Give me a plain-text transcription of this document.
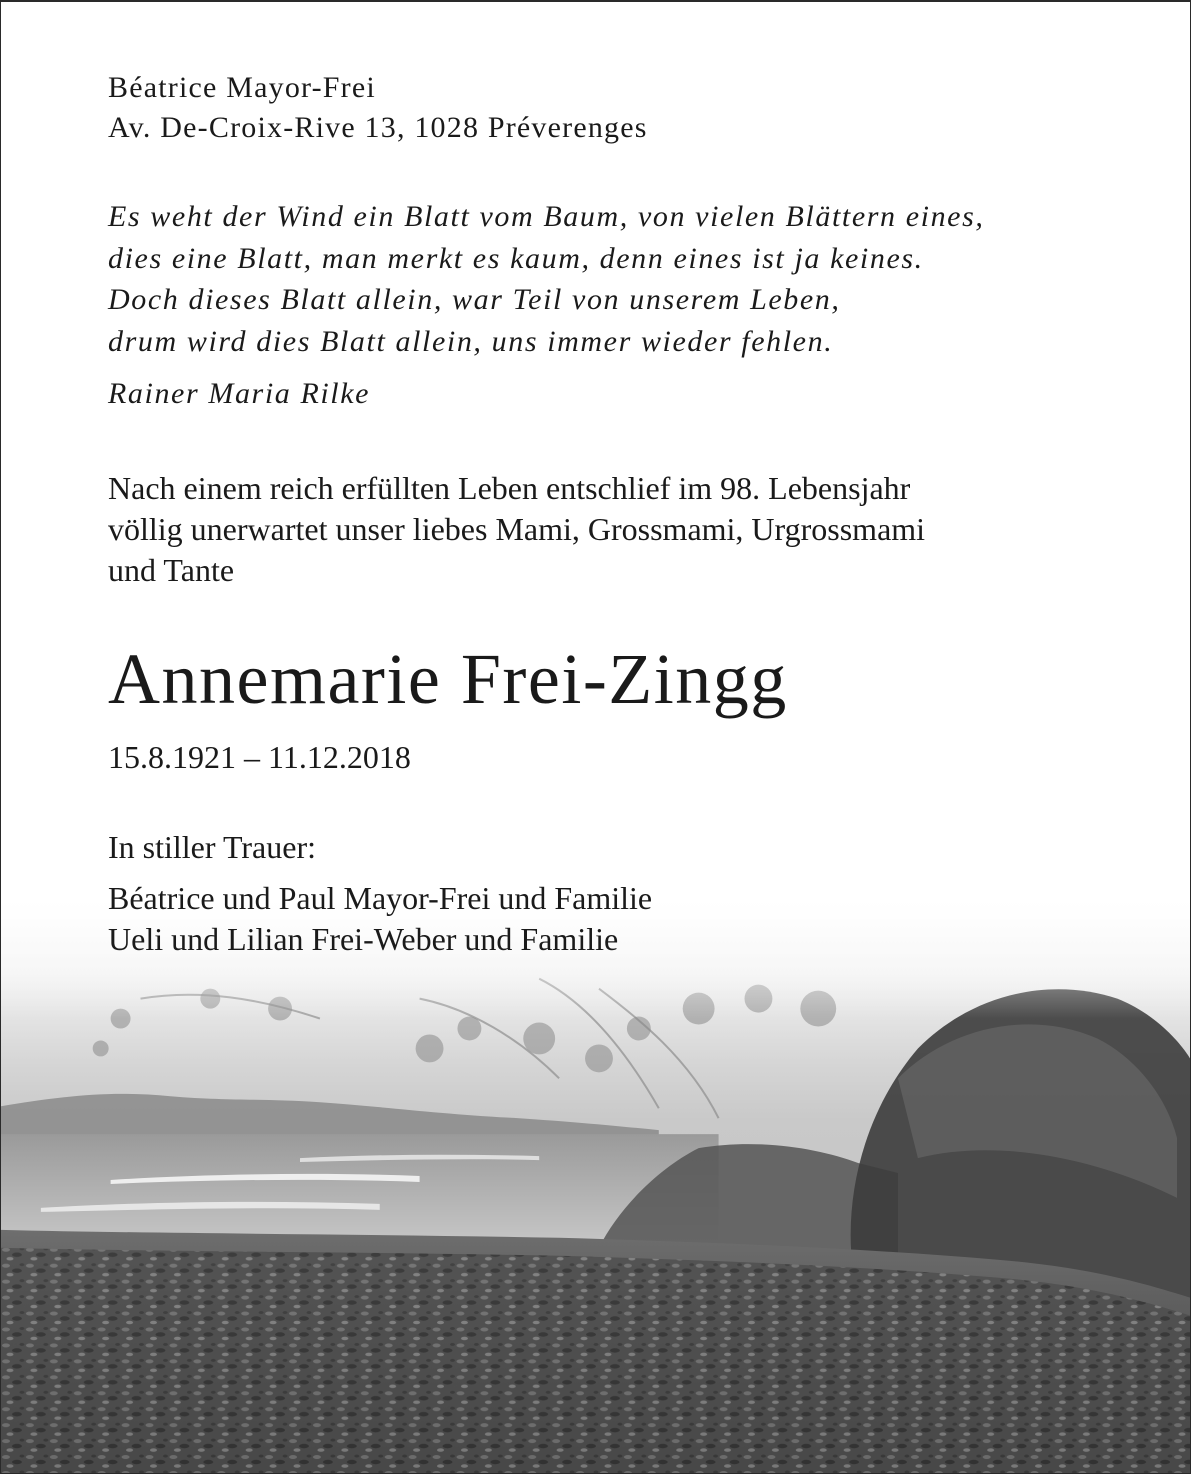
Béatrice Mayor-Frei
Av. De-Croix-Rive 13, 1028 Préverenges
Es weht der Wind ein Blatt vom Baum, von vielen Blättern eines,
dies eine Blatt, man merkt es kaum, denn eines ist ja keines.
Doch dieses Blatt allein, war Teil von unserem Leben,
drum wird dies Blatt allein, uns immer wieder fehlen.
Rainer Maria Rilke
Nach einem reich erfüllten Leben entschlief im 98. Lebensjahr
völlig unerwartet unser liebes Mami, Grossmami, Urgrossmami
und Tante
Annemarie Frei-Zingg
15.8.1921 – 11.12.2018
In stiller Trauer:
Béatrice und Paul Mayor-Frei und Familie
Ueli und Lilian Frei-Weber und Familie
